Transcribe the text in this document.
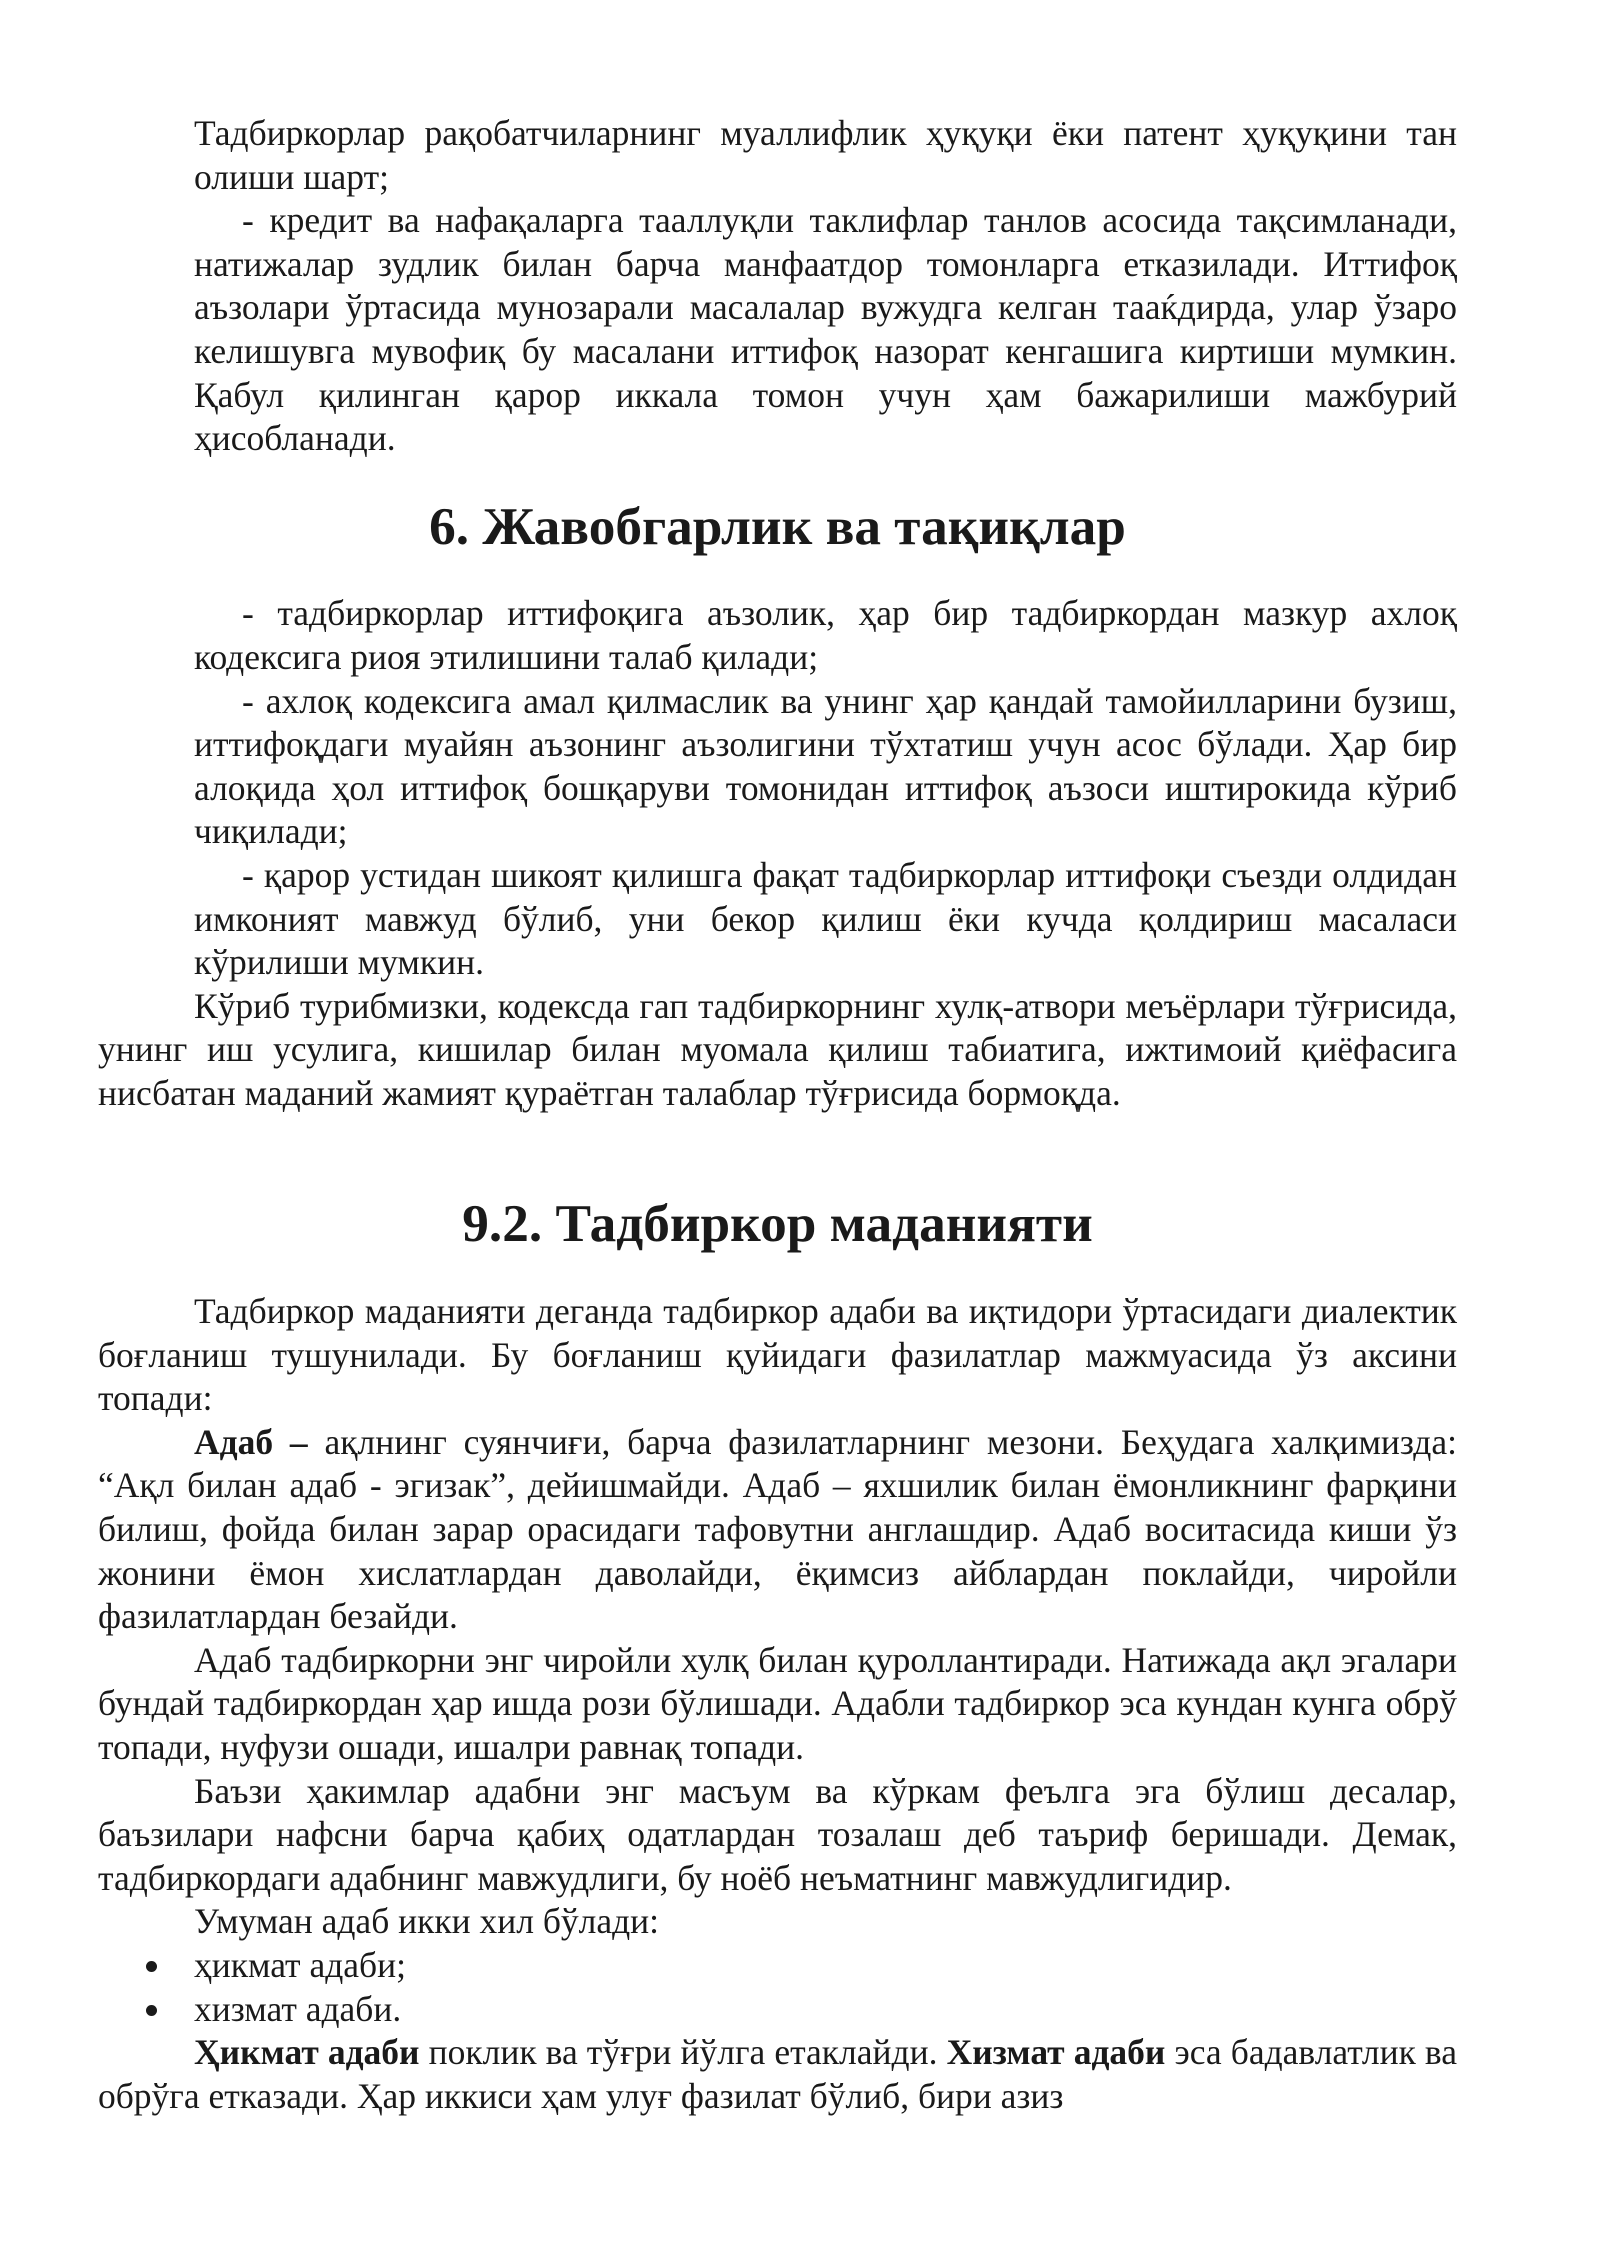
Тадбиркорлар рақобатчиларнинг муаллифлик ҳуқуқи ёки патент ҳуқуқини тан олиши шарт;

- кредит ва нафақаларга тааллуқли таклифлар танлов асосида тақсимланади, натижалар зудлик билан барча манфаатдор томонларга етказилади. Иттифоқ аъзолари ўртасида мунозарали масалалар вужудга келган тааќдирда, улар ўзаро келишувга мувофиқ бу масалани иттифоқ назорат кенгашига киртиши мумкин. Қабул қилинган қарор иккала томон учун ҳам бажарилиши мажбурий ҳисобланади.

6. Жавобгарлик ва тақиқлар

- тадбиркорлар иттифоқига аъзолик, ҳар бир тадбиркордан мазкур ахлоқ кодексига риоя этилишини талаб қилади;

- ахлоқ кодексига амал қилмаслик ва унинг ҳар қандай тамойилларини бузиш, иттифоқдаги муайян аъзонинг аъзолигини тўхтатиш учун асос бўлади. Ҳар бир алоқида ҳол иттифоқ бошқаруви томонидан иттифоқ аъзоси иштирокида кўриб чиқилади;

- қарор устидан шикоят қилишга фақат тадбиркорлар иттифоқи съезди олдидан имконият мавжуд бўлиб, уни бекор қилиш ёки кучда қолдириш масаласи кўрилиши мумкин.

Кўриб турибмизки, кодексда гап тадбиркорнинг хулқ-атвори меъёрлари тўғрисида, унинг иш усулига, кишилар билан муомала қилиш табиатига, ижтимоий қиёфасига нисбатан маданий жамият қураётган талаблар тўғрисида бормоқда.

9.2. Тадбиркор маданияти

Тадбиркор маданияти деганда тадбиркор адаби ва иқтидори ўртасидаги диалектик боғланиш тушунилади. Бу боғланиш қуйидаги фазилатлар мажмуасида ўз аксини топади:

Адаб – ақлнинг суянчиғи, барча фазилатларнинг мезони. Беҳудага халқимизда: “Ақл билан адаб - эгизак”, дейишмайди. Адаб – яхшилик билан ёмонликнинг фарқини билиш, фойда билан зарар орасидаги тафовутни англашдир. Адаб воситасида киши ўз жонини ёмон хислатлардан даволайди, ёқимсиз айблардан поклайди, чиройли фазилатлардан безайди.

Адаб тадбиркорни энг чиройли хулқ билан қуроллантиради. Натижада ақл эгалари бундай тадбиркордан ҳар ишда рози бўлишади. Адабли тадбиркор эса кундан кунга обрў топади, нуфузи ошади, ишалри равнақ топади.

Баъзи ҳакимлар адабни энг масъум ва кўркам феълга эга бўлиш десалар, баъзилари нафсни барча қабиҳ одатлардан тозалаш деб таъриф беришади. Демак, тадбиркордаги адабнинг мавжудлиги, бу ноёб неъматнинг мавжудлигидир.

Умуман адаб икки хил бўлади:

ҳикмат адаби;
хизмат адаби.

Ҳикмат адаби поклик ва тўғри йўлга етаклайди. Хизмат адаби эса бадавлатлик ва обрўга етказади. Ҳар иккиси ҳам улуғ фазилат бўлиб, бири азиз
